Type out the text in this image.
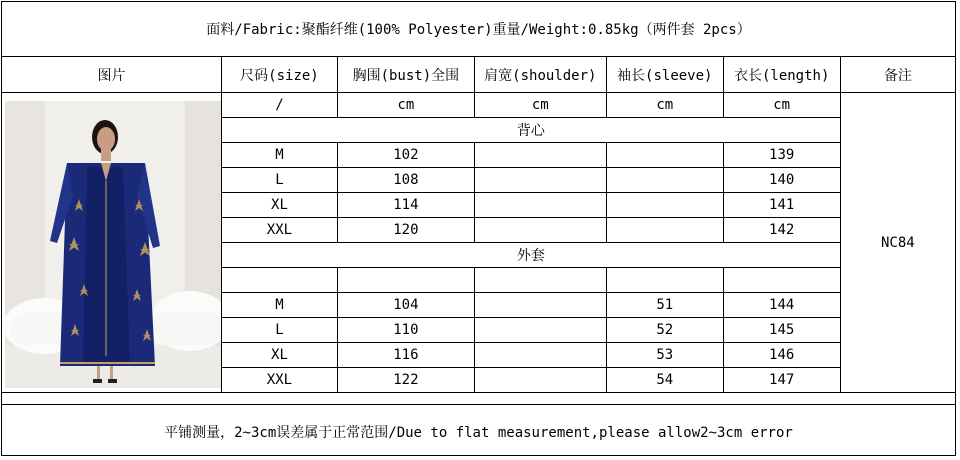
面料/Fabric:聚酯纤维(100% Polyester) 重量/Weight:0.85kg（两件套 2pcs）
图片	尺码(size)	胸围(bust)全围	肩宽(shoulder)	袖长(sleeve)	衣长(length)	备注

	/	cm	cm	cm	cm	NC84
	背心					
	M	102			139	
	L	108			140	
	XL	114			141	
	XXL	120			142	
	外套					

	M	104		51	144	
	L	110		52	145	
	XL	116		53	146	
	XXL	122		54	147	
平铺测量，2~3cm误差属于正常范围/Due to flat measurement,please allow2~3cm error
